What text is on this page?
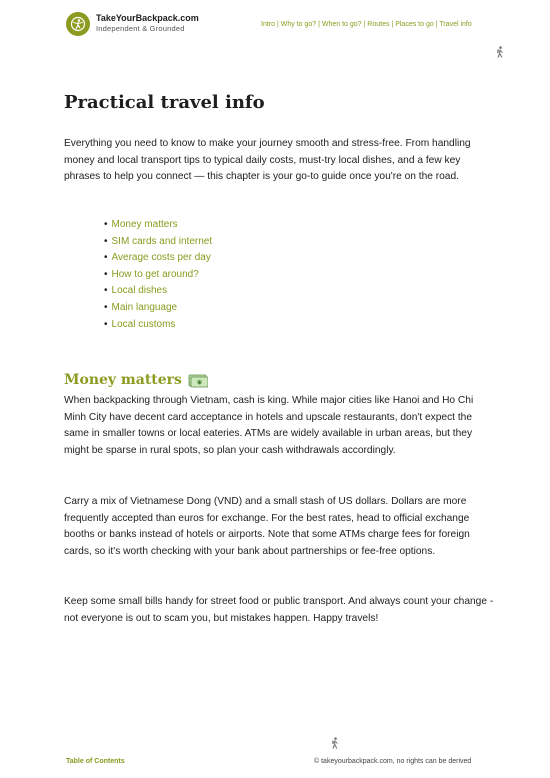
TakeYourBackpack.com
Independent & Grounded	Intro | Why to go? | When to go? | Routes | Places to go | Travel info
Practical travel info

Everything you need to know to make your journey smooth and stress-free. From handling money and local transport tips to typical daily costs, must-try local dishes, and a few key phrases to help you connect — this chapter is your go-to guide once you're on the road.

• Money matters
• SIM cards and internet
• Average costs per day
• How to get around?
• Local dishes
• Main language
• Local customs
Money matters	$

When backpacking through Vietnam, cash is king. While major cities like Hanoi and Ho Chi Minh City have decent card acceptance in hotels and upscale restaurants, don't expect the same in smaller towns or local eateries. ATMs are widely available in urban areas, but they might be sparse in rural spots, so plan your cash withdrawals accordingly.

Carry a mix of Vietnamese Dong (VND) and a small stash of US dollars. Dollars are more frequently accepted than euros for exchange. For the best rates, head to official exchange booths or banks instead of hotels or airports. Note that some ATMs charge fees for foreign cards, so it's worth checking with your bank about partnerships or fee-free options.

Keep some small bills handy for street food or public transport. And always count your change - not everyone is out to scam you, but mistakes happen. Happy travels!

Table of Contents	© takeyourbackpack.com, no rights can be derived
